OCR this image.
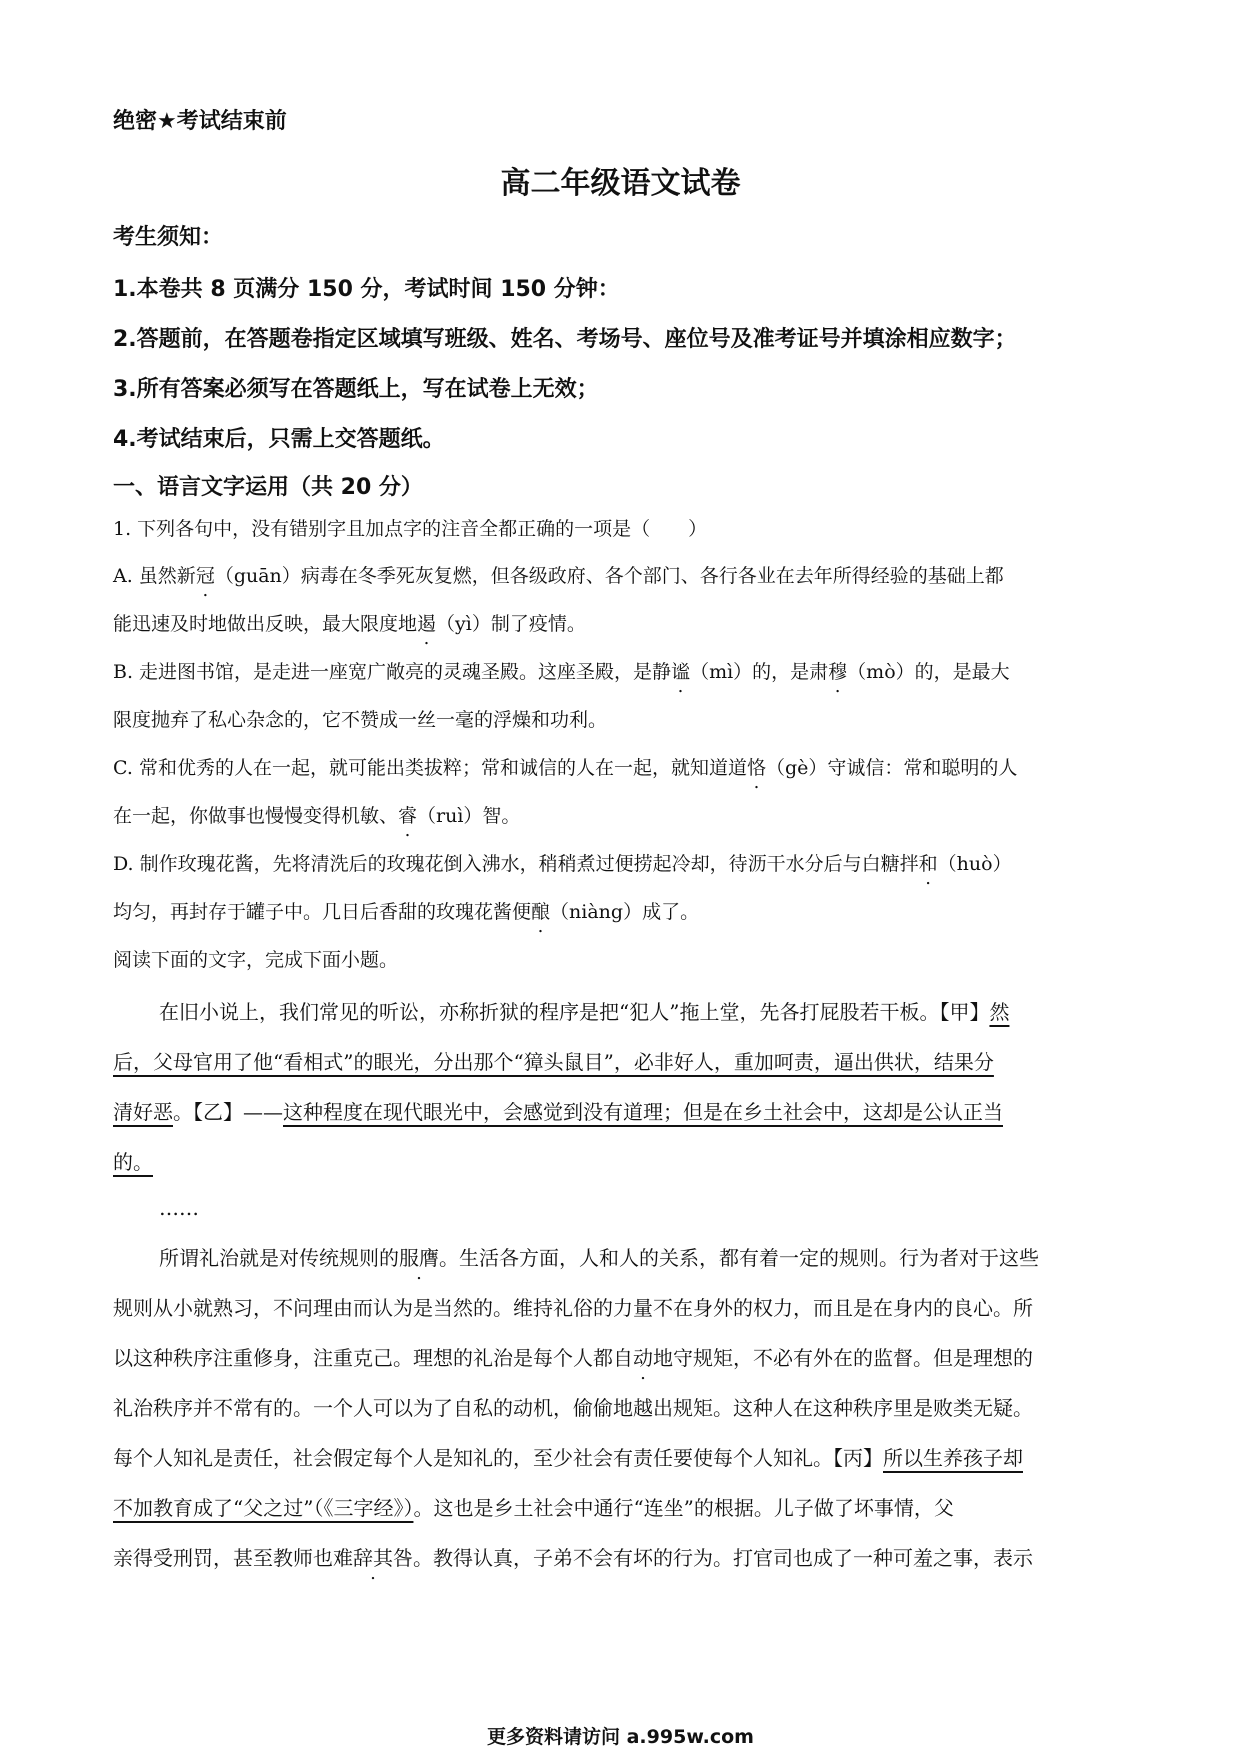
绝密★考试结束前
高二年级语文试卷
考生须知：
1.本卷共 8 页满分 150 分，考试时间 150 分钟：
2.答题前，在答题卷指定区域填写班级、姓名、考场号、座位号及准考证号并填涂相应数字；
3.所有答案必须写在答题纸上，写在试卷上无效；
4.考试结束后，只需上交答题纸。
一、语言文字运用（共 20 分）
1. 下列各句中，没有错别字且加点字的注音全都正确的一项是（　　）
A. 虽然新冠（guān）病毒在冬季死灰复燃，但各级政府、各个部门、各行各业在去年所得经验的基础上都
能迅速及时地做出反映，最大限度地遏（yì）制了疫情。
B. 走进图书馆，是走进一座宽广敞亮的灵魂圣殿。这座圣殿，是静谧（mì）的，是肃穆（mò）的，是最大
限度抛弃了私心杂念的，它不赞成一丝一毫的浮燥和功利。
C. 常和优秀的人在一起，就可能出类拔粹；常和诚信的人在一起，就知道道恪（gè）守诚信：常和聪明的人
在一起，你做事也慢慢变得机敏、睿（ruì）智。
D. 制作玫瑰花酱，先将清洗后的玫瑰花倒入沸水，稍稍煮过便捞起冷却，待沥干水分后与白糖拌和（huò）
均匀，再封存于罐子中。几日后香甜的玫瑰花酱便酿（niàng）成了。
阅读下面的文字，完成下面小题。
在旧小说上，我们常见的听讼，亦称折狱的程序是把“犯人”拖上堂，先各打屁股若干板。【甲】然
后，父母官用了他“看相式”的眼光，分出那个“獐头鼠目”，必非好人，重加呵责，逼出供状，结果分
清好恶。【乙】——这种程度在现代眼光中，会感觉到没有道理；但是在乡土社会中，这却是公认正当
的。
……
所谓礼治就是对传统规则的服膺。生活各方面，人和人的关系，都有着一定的规则。行为者对于这些
规则从小就熟习，不问理由而认为是当然的。维持礼俗的力量不在身外的权力，而且是在身内的良心。所
以这种秩序注重修身，注重克己。理想的礼治是每个人都自动地守规矩，不必有外在的监督。但是理想的
礼治秩序并不常有的。一个人可以为了自私的动机，偷偷地越出规矩。这种人在这种秩序里是败类无疑。
每个人知礼是责任，社会假定每个人是知礼的，至少社会有责任要使每个人知礼。【丙】所以生养孩子却
不加教育成了“父之过”（《三字经》）。这也是乡土社会中通行“连坐”的根据。儿子做了坏事情，父
亲得受刑罚，甚至教师也难辞其咎。教得认真，子弟不会有坏的行为。打官司也成了一种可羞之事，表示
更多资料请访问 a.995w.com
